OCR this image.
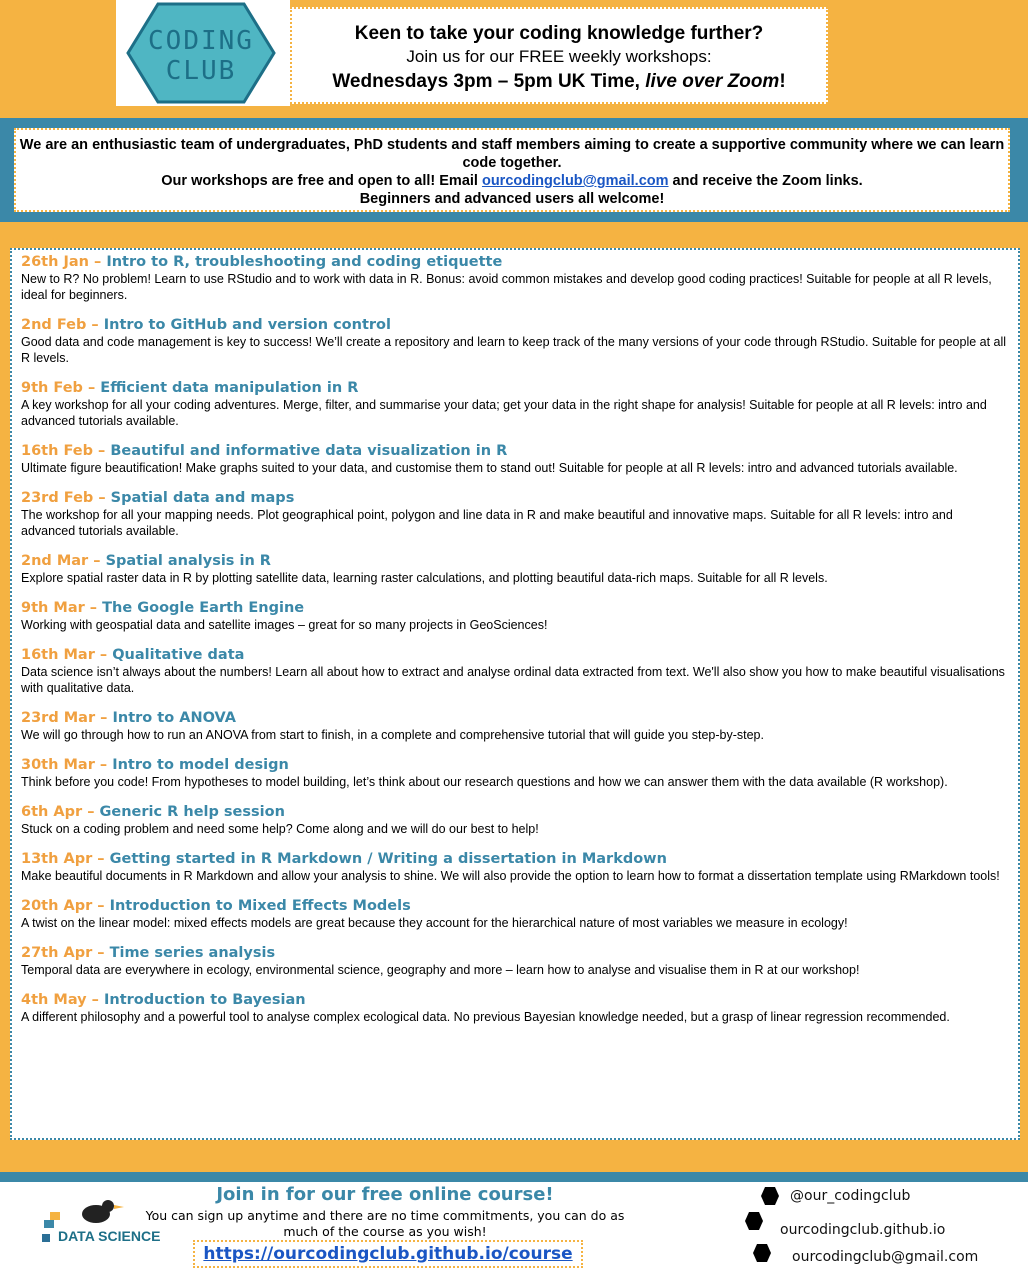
CODING
CLUB
Keen to take your coding knowledge further?
Join us for our FREE weekly workshops:
Wednesdays 3pm – 5pm UK Time, live over Zoom!
We are an enthusiastic team of undergraduates, PhD students and staff members aiming to create a supportive community where we can learn code together.
Our workshops are free and open to all! Email ourcodingclub@gmail.com and receive the Zoom links.
Beginners and advanced users all welcome!
26th Jan – Intro to R, troubleshooting and coding etiquette
New to R? No problem! Learn to use RStudio and to work with data in R. Bonus: avoid common mistakes and develop good coding practices! Suitable for people at all R levels, ideal for beginners.
2nd Feb – Intro to GitHub and version control
Good data and code management is key to success! We’ll create a repository and learn to keep track of the many versions of your code through RStudio. Suitable for people at all R levels.
9th Feb – Efficient data manipulation in R
A key workshop for all your coding adventures. Merge, filter, and summarise your data; get your data in the right shape for analysis! Suitable for people at all R levels: intro and advanced tutorials available.
16th Feb – Beautiful and informative data visualization in R
Ultimate figure beautification! Make graphs suited to your data, and customise them to stand out! Suitable for people at all R levels: intro and advanced tutorials available.
23rd Feb – Spatial data and maps
The workshop for all your mapping needs. Plot geographical point, polygon and line data in R and make beautiful and innovative maps. Suitable for all R levels: intro and advanced tutorials available.
2nd Mar – Spatial analysis in R
Explore spatial raster data in R by plotting satellite data, learning raster calculations, and plotting beautiful data-rich maps. Suitable for all R levels.
9th Mar – The Google Earth Engine
Working with geospatial data and satellite images – great for so many projects in GeoSciences!
16th Mar – Qualitative data
Data science isn’t always about the numbers! Learn all about how to extract and analyse ordinal data extracted from text. We'll also show you how to make beautiful visualisations with qualitative data.
23rd Mar – Intro to ANOVA
We will go through how to run an ANOVA from start to finish, in a complete and comprehensive tutorial that will guide you step-by-step.
30th Mar – Intro to model design
Think before you code! From hypotheses to model building, let’s think about our research questions and how we can answer them with the data available (R workshop).
6th Apr – Generic R help session
Stuck on a coding problem and need some help? Come along and we will do our best to help!
13th Apr – Getting started in R Markdown / Writing a dissertation in Markdown
Make beautiful documents in R Markdown and allow your analysis to shine. We will also provide the option to learn how to format a dissertation template using RMarkdown tools!
20th Apr – Introduction to Mixed Effects Models
A twist on the linear model: mixed effects models are great because they account for the hierarchical nature of most variables we measure in ecology!
27th Apr – Time series analysis
Temporal data are everywhere in ecology, environmental science, geography and more – learn how to analyse and visualise them in R at our workshop!
4th May – Introduction to Bayesian
A different philosophy and a powerful tool to analyse complex ecological data. No previous Bayesian knowledge needed, but a grasp of linear regression recommended.
DATA SCIENCE
Join in for our free online course!
You can sign up anytime and there are no time commitments, you can do as much of the course as you wish!
https://ourcodingclub.github.io/course
@our_codingclub
ourcodingclub.github.io
ourcodingclub@gmail.com
